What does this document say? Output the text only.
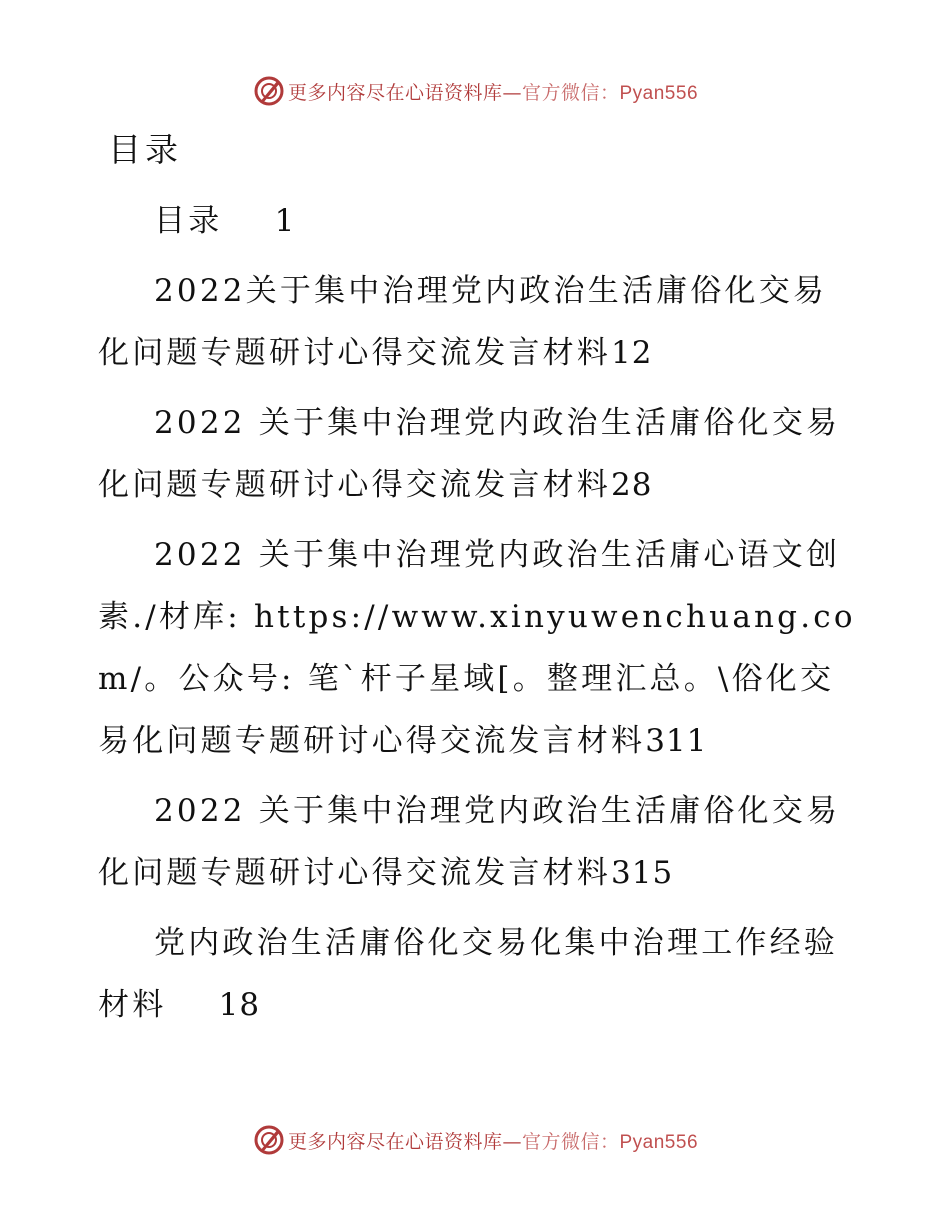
更多内容尽在心语资料库—官方微信：Pyan556
目录
目录 1
2022关于集中治理党内政治生活庸俗化交易化问题专题研讨心得交流发言材料12
2022 关于集中治理党内政治生活庸俗化交易化问题专题研讨心得交流发言材料28
2022 关于集中治理党内政治生活庸心语文创素./材库: https://www.xinyuwenchuang.com/。公众号: 笔`杆子星域[。整理汇总。\俗化交易化问题专题研讨心得交流发言材料311
2022 关于集中治理党内政治生活庸俗化交易化问题专题研讨心得交流发言材料315
党内政治生活庸俗化交易化集中治理工作经验材料 18
更多内容尽在心语资料库—官方微信：Pyan556
